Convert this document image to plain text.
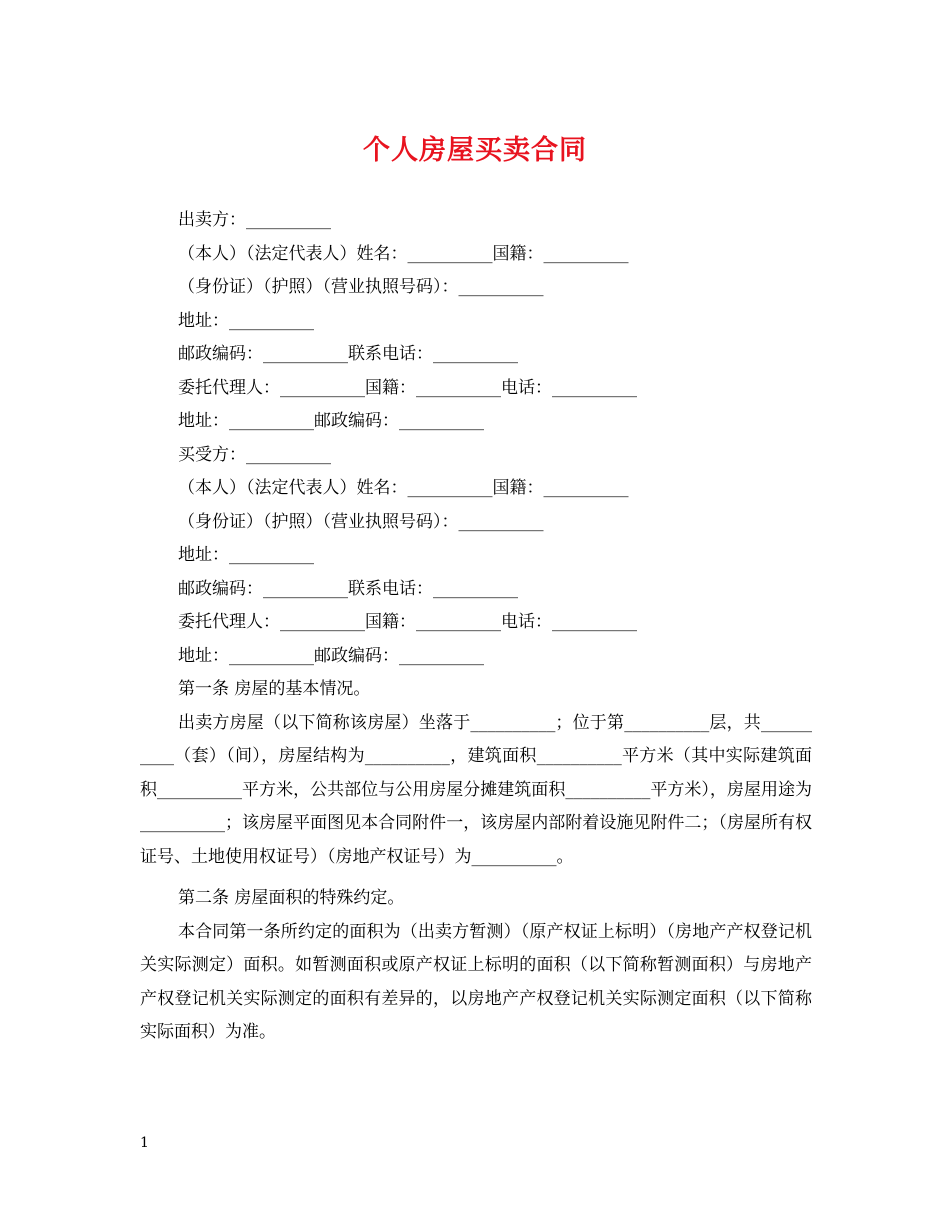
个人房屋买卖合同
出卖方：__________
（本人）（法定代表人）姓名：__________国籍：__________
（身份证）（护照）（营业执照号码）：__________
地址：__________
邮政编码：__________联系电话：__________
委托代理人：__________国籍：__________电话：__________
地址：__________邮政编码：__________
买受方：__________
（本人）（法定代表人）姓名：__________国籍：__________
（身份证）（护照）（营业执照号码）：__________
地址：__________
邮政编码：__________联系电话：__________
委托代理人：__________国籍：__________电话：__________
地址：__________邮政编码：__________
第一条 房屋的基本情况。
出卖方房屋（以下简称该房屋）坐落于__________；位于第__________层，共__________（套）（间），房屋结构为__________，建筑面积__________平方米（其中实际建筑面积__________平方米，公共部位与公用房屋分摊建筑面积__________平方米），房屋用途为__________；该房屋平面图见本合同附件一，该房屋内部附着设施见附件二；（房屋所有权证号、土地使用权证号）（房地产权证号）为__________。
第二条 房屋面积的特殊约定。
本合同第一条所约定的面积为（出卖方暂测）（原产权证上标明）（房地产产权登记机关实际测定）面积。如暂测面积或原产权证上标明的面积（以下简称暂测面积）与房地产产权登记机关实际测定的面积有差异的，以房地产产权登记机关实际测定面积（以下简称实际面积）为准。
1
